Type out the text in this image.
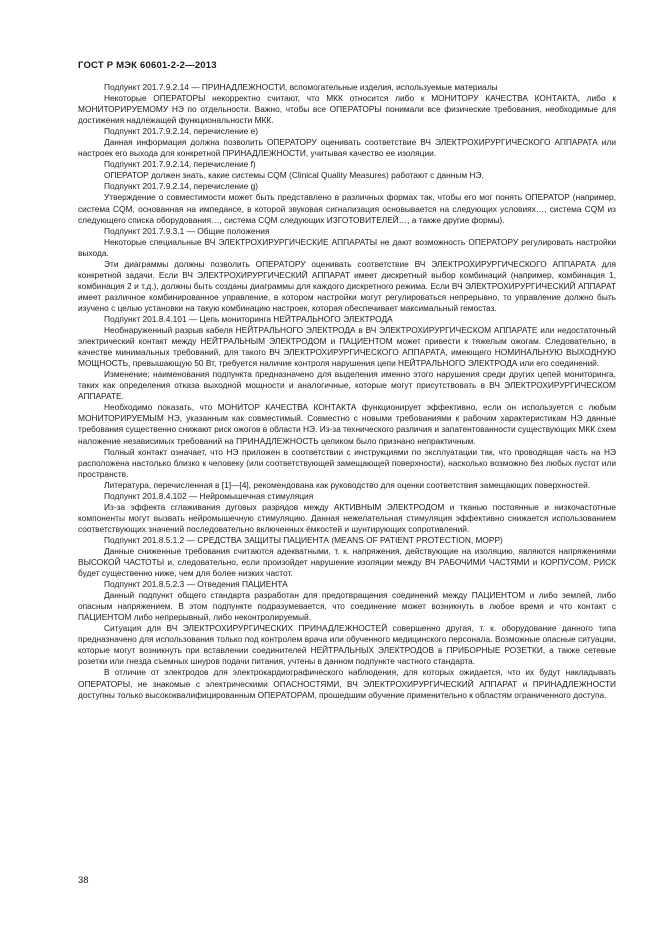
ГОСТ Р МЭК 60601-2-2—2013

Подпункт 201.7.9.2.14 — ПРИНАДЛЕЖНОСТИ, вспомогательные изделия, используемые материалы

Некоторые ОПЕРАТОРЫ некорректно считают, что МКК относится либо к МОНИТОРУ КАЧЕСТВА КОНТАКТА, либо к МОНИТОРИРУЕМОМУ НЭ по отдельности. Важно, чтобы все ОПЕРАТОРЫ понимали все физические требования, необходимые для достижения надлежащей функциональности МКК.

Подпункт 201.7.9.2.14, перечисление е)

Данная информация должна позволить ОПЕРАТОРУ оценивать соответствие ВЧ ЭЛЕКТРОХИРУРГИЧЕСКОГО АППАРАТА или настроек его выхода для конкретной ПРИНАДЛЕЖНОСТИ, учитывая качество ее изоляции.

Подпункт 201.7.9.2.14, перечисление f)

ОПЕРАТОР должен знать, какие системы CQM (Clinical Quality Measures) работают с данным НЭ.

Подпункт 201.7.9.2.14, перечисление g)

Утверждение о совместимости может быть представлено в различных формах так, чтобы его мог понять ОПЕРАТОР (например, система CQM, основанная на импедансе, в которой звуковая сигнализация основывается на следующих условиях…, система CQM из следующего списка оборудования…, система CQM следующих ИЗГОТОВИТЕЛЕЙ…, а также другие формы).

Подпункт 201.7.9.3.1 — Общие положения

Некоторые специальные ВЧ ЭЛЕКТРОХИРУРГИЧЕСКИЕ АППАРАТЫ не дают возможность ОПЕРАТОРУ регулировать настройки выхода.

Эти диаграммы должны позволить ОПЕРАТОРУ оценивать соответствие ВЧ ЭЛЕКТРОХИРУРГИЧЕСКОГО АППАРАТА для конкретной задачи. Если ВЧ ЭЛЕКТРОХИРУРГИЧЕСКИЙ АППАРАТ имеет дискретный выбор комбинаций (например, комбинация 1, комбинация 2 и т.д.), должны быть созданы диаграммы для каждого дискретного режима. Если ВЧ ЭЛЕКТРОХИРУРГИЧЕСКИЙ АППАРАТ имеет различное комбинированное управление, в котором настройки могут регулироваться непрерывно, то управление должно быть изучено с целью установки на такую комбинацию настроек, которая обеспечивает максимальный гемостаз.

Подпункт 201.8.4.101 — Цепь мониторинга НЕЙТРАЛЬНОГО ЭЛЕКТРОДА

Необнаруженный разрыв кабеля НЕЙТРАЛЬНОГО ЭЛЕКТРОДА в ВЧ ЭЛЕКТРОХИРУРГИЧЕСКОМ АППАРАТЕ или недостаточный электрический контакт между НЕЙТРАЛЬНЫМ ЭЛЕКТРОДОМ и ПАЦИЕНТОМ может привести к тяжелым ожогам. Следовательно, в качестве минимальных требований, для такого ВЧ ЭЛЕКТРОХИРУРГИЧЕСКОГО АППАРАТА, имеющего НОМИНАЛЬНУЮ ВЫХОДНУЮ МОЩНОСТЬ, превышающую 50 Вт, требуется наличие контроля нарушения цепи НЕЙТРАЛЬНОГО ЭЛЕКТРОДА или его соединений.

Изменение: наименования подпункта предназначено для выделения именно этого нарушения среди других цепей мониторинга, таких как определения отказа выходной мощности и аналогичные, которые могут присутствовать в ВЧ ЭЛЕКТРОХИРУРГИЧЕСКОМ АППАРАТЕ.

Необходимо показать, что МОНИТОР КАЧЕСТВА КОНТАКТА функционирует эффективно, если он используется с любым МОНИТОРИРУЕМЫМ НЭ, указанным как совместимый. Совместно с новыми требованиями к рабочим характеристикам НЭ данные требования существенно снижают риск ожогов в области НЭ. Из-за технического различия и запатентованности существующих МКК схем наложение независимых требований на ПРИНАДЛЕЖНОСТЬ целиком было признано непрактичным.

Полный контакт означает, что НЭ приложен в соответствии с инструкциями по эксплуатации так, что проводящая часть на НЭ расположена настолько близко к человеку (или соответствующей замещающей поверхности), насколько возможно без любых пустот или пространств.

Литература, перечисленная в [1]—[4], рекомендована как руководство для оценки соответствия замещающих поверхностей.

Подпункт 201.8.4.102 — Нейромышечная стимуляция

Из-за эффекта сглаживания дуговых разрядов между АКТИВНЫМ ЭЛЕКТРОДОМ и тканью постоянные и низкочастотные компоненты могут вызвать нейромышечную стимуляцию. Данная нежелательная стимуляция эффективно снижается использованием соответствующих значений последовательно включенных ёмкостей и шунтирующих сопротивлений.

Подпункт 201.8.5.1.2 — СРЕДСТВА ЗАЩИТЫ ПАЦИЕНТА (MEANS OF PATIENT PROTECTION, MOPP)

Данные сниженные требования считаются адекватными, т. к. напряжения, действующие на изоляцию, являются напряжениями ВЫСОКОЙ ЧАСТОТЫ и, следовательно, если произойдет нарушение изоляции между ВЧ РАБОЧИМИ ЧАСТЯМИ и КОРПУСОМ, РИСК будет существенно ниже, чем для более низких частот.

Подпункт 201.8.5.2.3 — Отведения ПАЦИЕНТА

Данный подпункт общего стандарта разработан для предотвращения соединений между ПАЦИЕНТОМ и либо землей, либо опасным напряжением. В этом подпункте подразумевается, что соединение может возникнуть в любое время и что контакт с ПАЦИЕНТОМ либо непрерывный, либо неконтролируемый.

Ситуация для ВЧ ЭЛЕКТРОХИРУРГИЧЕСКИХ ПРИНАДЛЕЖНОСТЕЙ совершенно другая, т. к. оборудование данного типа предназначено для использования только под контролем врача или обученного медицинского персонала. Возможные опасные ситуации, которые могут возникнуть при вставлении соединителей НЕЙТРАЛЬНЫХ ЭЛЕКТРОДОВ в ПРИБОРНЫЕ РОЗЕТКИ, а также сетевые розетки или гнезда съемных шнуров подачи питания, учтены в данном подпункте частного стандарта.

В отличие от электродов для электрокардиографического наблюдения, для которых ожидается, что их будут накладывать ОПЕРАТОРЫ, не знакомые с электрическими ОПАСНОСТЯМИ, ВЧ ЭЛЕКТРОХИРУРГИЧЕСКИЙ АППАРАТ и ПРИНАДЛЕЖНОСТИ доступны только высококвалифицированным ОПЕРАТОРАМ, прошедшим обучение применительно к областям ограниченного доступа.

38
